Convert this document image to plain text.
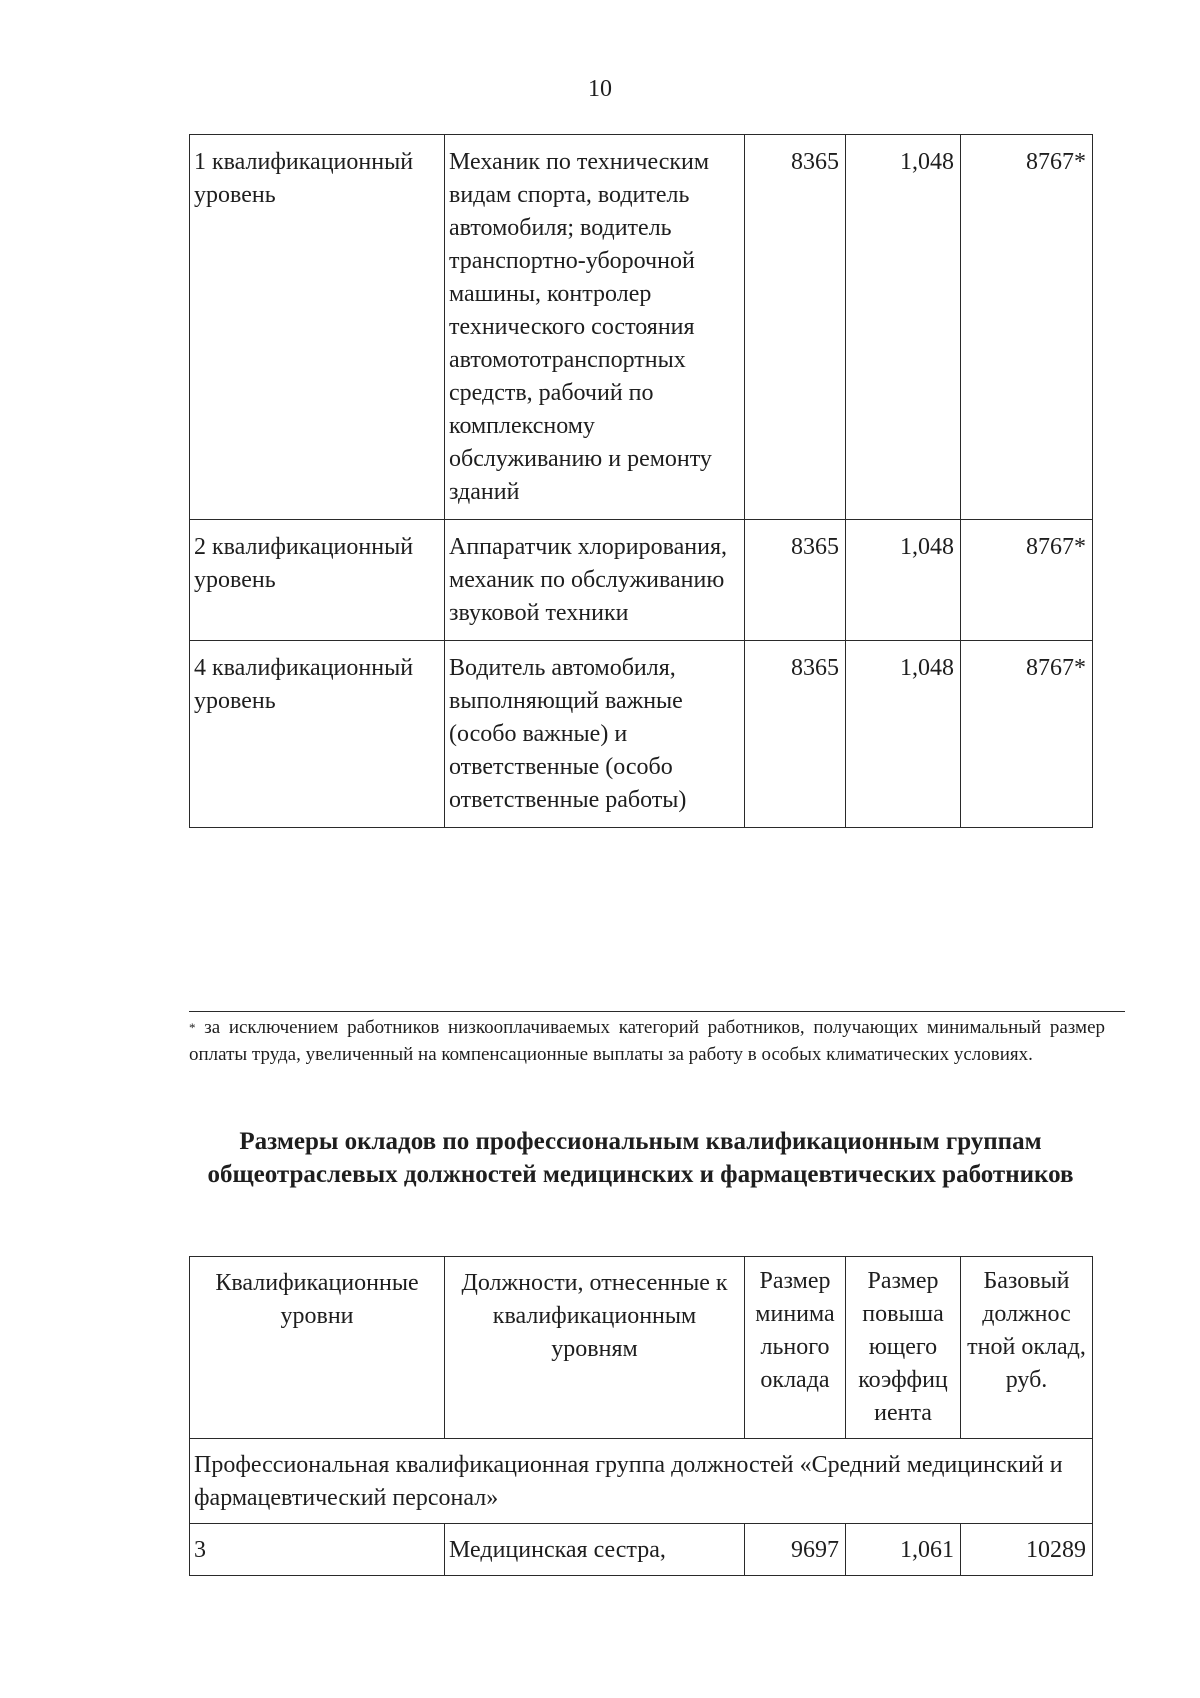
10
1 квалификационный уровень	Механик по техническим видам спорта, водитель автомобиля; водитель транспортно-уборочной машины, контролер технического состояния автомототранспортных средств, рабочий по комплексному обслуживанию и ремонту зданий	8365	1,048	8767*
2 квалификационный уровень	Аппаратчик хлорирования, механик по обслуживанию звуковой техники	8365	1,048	8767*
4 квалификационный уровень	Водитель автомобиля, выполняющий важные (особо важные) и ответственные (особо ответственные работы)	8365	1,048	8767*
* за исключением работников низкооплачиваемых категорий работников, получающих минимальный размер оплаты труда, увеличенный на компенсационные выплаты за работу в особых климатических условиях.
Размеры окладов по профессиональным квалификационным группам общеотраслевых должностей медицинских и фармацевтических работников
Квалификационные уровни	Должности, отнесенные к квалификационным уровням	Размер минима льного оклада	Размер повыша ющего коэффиц иента	Базовый должнос тной оклад, руб.
Профессиональная квалификационная группа должностей «Средний медицинский и фармацевтический персонал»				
3	Медицинская сестра,	9697	1,061	10289
